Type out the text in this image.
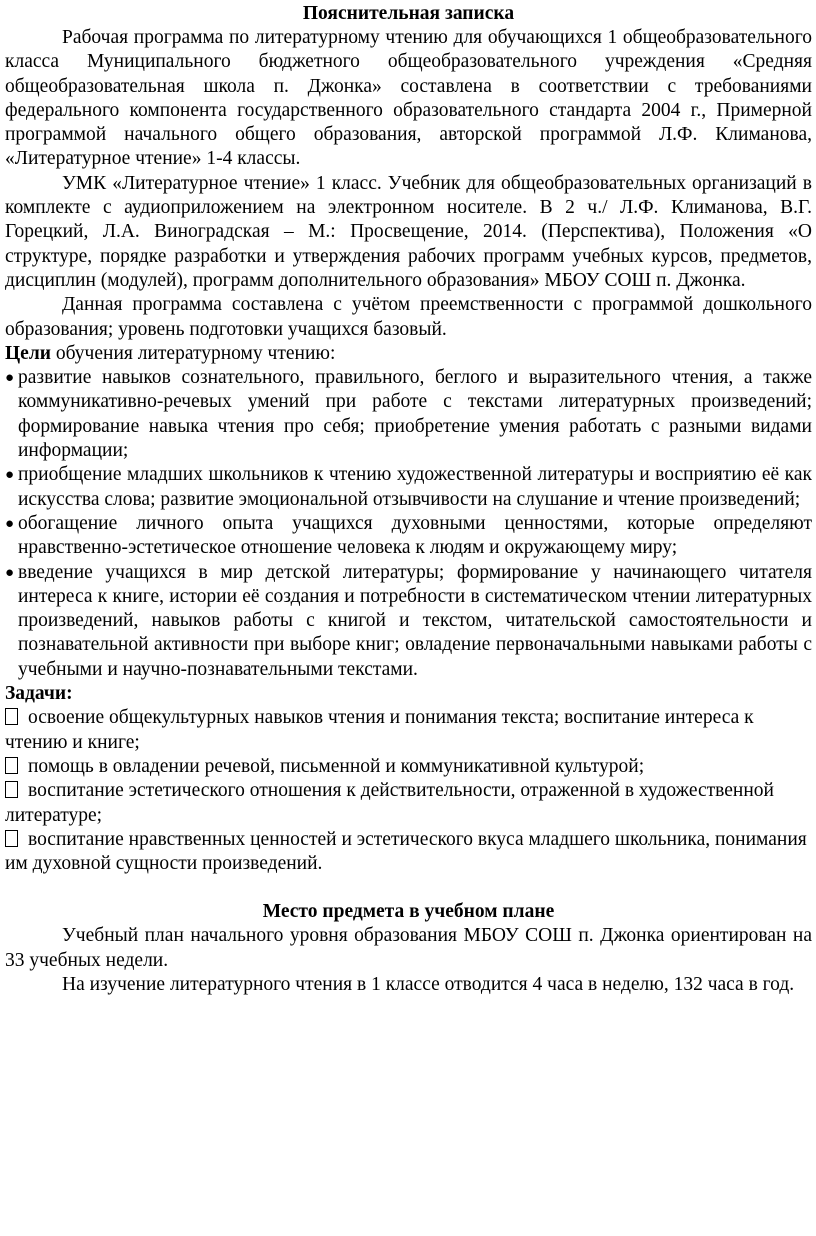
Пояснительная записка

Рабочая программа по литературному чтению для обучающихся 1 общеобразовательного класса Муниципального бюджетного общеобразовательного учреждения «Средняя общеобразовательная школа п. Джонка» составлена в соответствии с требованиями федерального компонента государственного образовательного стандарта 2004 г., Примерной программой начального общего образования, авторской программой Л.Ф. Климанова, «Литературное чтение» 1-4 классы.

УМК «Литературное чтение» 1 класс. Учебник для общеобразовательных организаций в комплекте с аудиоприложением на электронном носителе. В 2 ч./ Л.Ф. Климанова, В.Г. Горецкий, Л.А. Виноградская – М.: Просвещение, 2014. (Перспектива), Положения «О структуре, порядке разработки и утверждения рабочих программ учебных курсов, предметов, дисциплин (модулей), программ дополнительного образования» МБОУ СОШ п. Джонка.

Данная программа составлена с учётом преемственности с программой дошкольного образования; уровень подготовки учащихся базовый.

Цели обучения литературному чтению:

● развитие навыков сознательного, правильного, беглого и выразительного чтения, а также коммуникативно-речевых умений при работе с текстами литературных произведений; формирование навыка чтения про себя; приобретение умения работать с разными видами информации;
● приобщение младших школьников к чтению художественной литературы и восприятию её как искусства слова; развитие эмоциональной отзывчивости на слушание и чтение произведений;
● обогащение личного опыта учащихся духовными ценностями, которые определяют нравственно-эстетическое отношение человека к людям и окружающему миру;
● введение учащихся в мир детской литературы; формирование у начинающего читателя интереса к книге, истории её создания и потребности в систематическом чтении литературных произведений, навыков работы с книгой и текстом, читательской самостоятельности и познавательной активности при выборе книг; овладение первоначальными навыками работы с учебными и научно-познавательными текстами.

Задачи:

освоение общекультурных навыков чтения и понимания текста; воспитание интереса к чтению и книге;

помощь в овладении речевой, письменной и коммуникативной культурой;

воспитание эстетического отношения к действительности, отраженной в художественной литературе;

воспитание нравственных ценностей и эстетического вкуса младшего школьника, понимания им духовной сущности произведений.

Место предмета в учебном плане

Учебный план начального уровня образования МБОУ СОШ п. Джонка ориентирован на 33 учебных недели.

На изучение литературного чтения в 1 классе отводится 4 часа в неделю, 132 часа в год.
